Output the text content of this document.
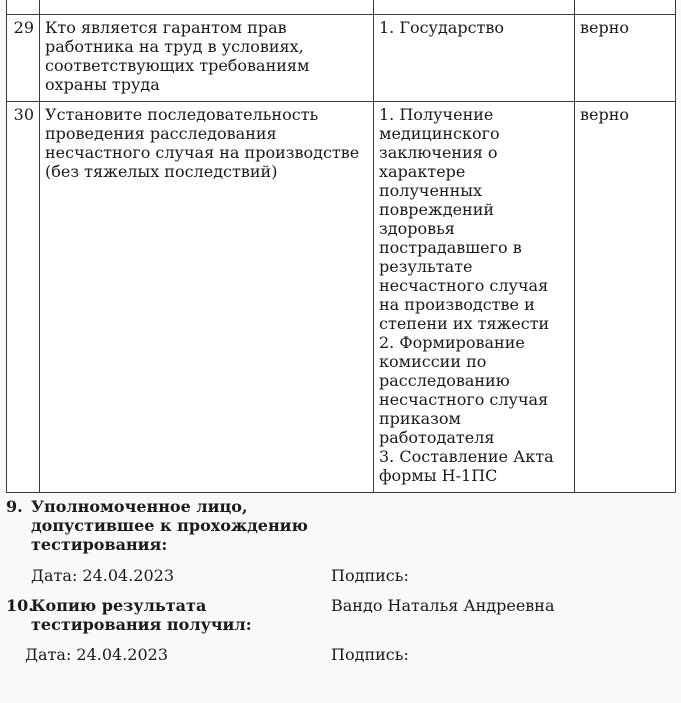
29	Кто является гарантом прав работника на труд в условиях, соответствующих требованиям охраны труда	1. Государство	верно
30	Установите последовательность проведения расследования несчастного случая на производстве (без тяжелых последствий)	1. Получение медицинского заключения о характере полученных повреждений здоровья пострадавшего в результате несчастного случая на производстве и степени их тяжести
2. Формирование комиссии по расследованию несчастного случая приказом работодателя
3. Составление Акта формы Н-1ПС	верно
9. Уполномоченное лицо, допустившее к прохождению тестирования:
Дата: 24.04.2023	Подпись:
10.
Копию результата тестирования получил:
Вандо Наталья Андреевна
Дата: 24.04.2023	Подпись:
